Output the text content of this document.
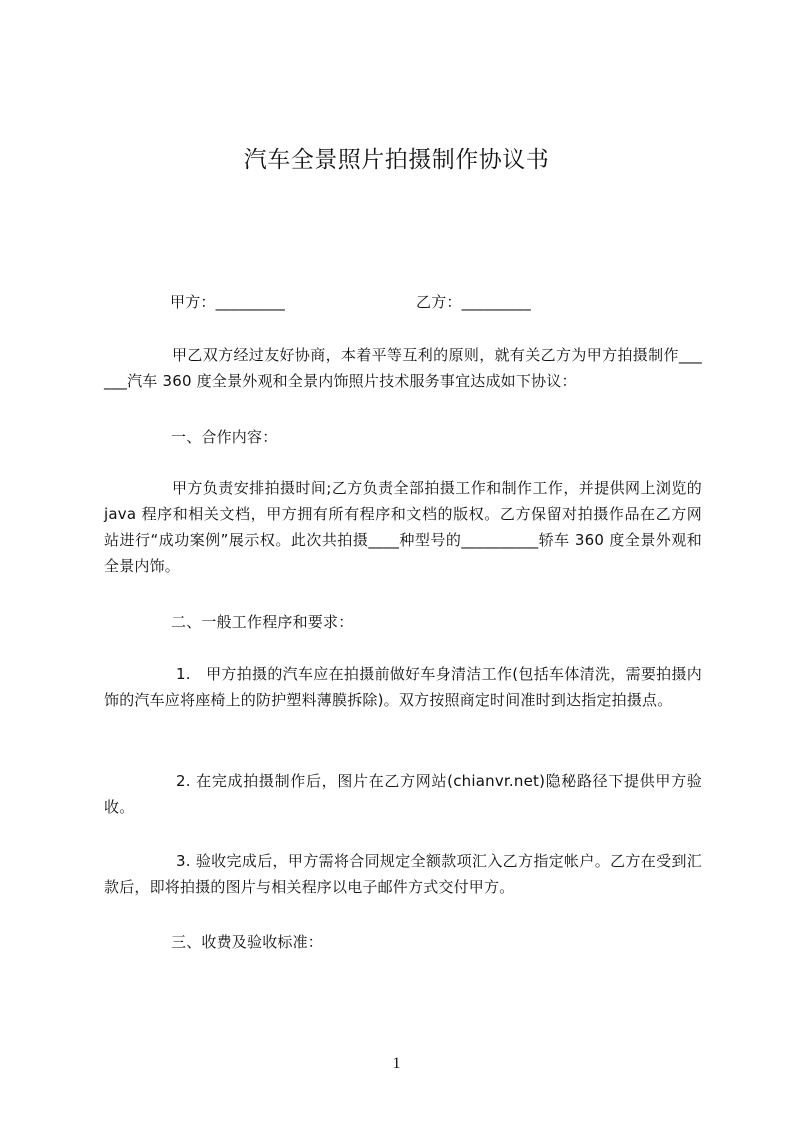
汽车全景照片拍摄制作协议书
甲方：_________	乙方：_________
甲乙双方经过友好协商，本着平等互利的原则，就有关乙方为甲方拍摄制作______汽车 360 度全景外观和全景内饰照片技术服务事宜达成如下协议：
一、合作内容：
甲方负责安排拍摄时间;乙方负责全部拍摄工作和制作工作，并提供网上浏览的 java 程序和相关文档，甲方拥有所有程序和文档的版权。乙方保留对拍摄作品在乙方网站进行“成功案例”展示权。此次共拍摄____种型号的__________轿车 360 度全景外观和全景内饰。
二、一般工作程序和要求：
1.　甲方拍摄的汽车应在拍摄前做好车身清洁工作(包括车体清洗，需要拍摄内饰的汽车应将座椅上的防护塑料薄膜拆除)。双方按照商定时间准时到达指定拍摄点。
2. 在完成拍摄制作后，图片在乙方网站(chianvr.net)隐秘路径下提供甲方验收。
3. 验收完成后，甲方需将合同规定全额款项汇入乙方指定帐户。乙方在受到汇款后，即将拍摄的图片与相关程序以电子邮件方式交付甲方。
三、收费及验收标准：
1
